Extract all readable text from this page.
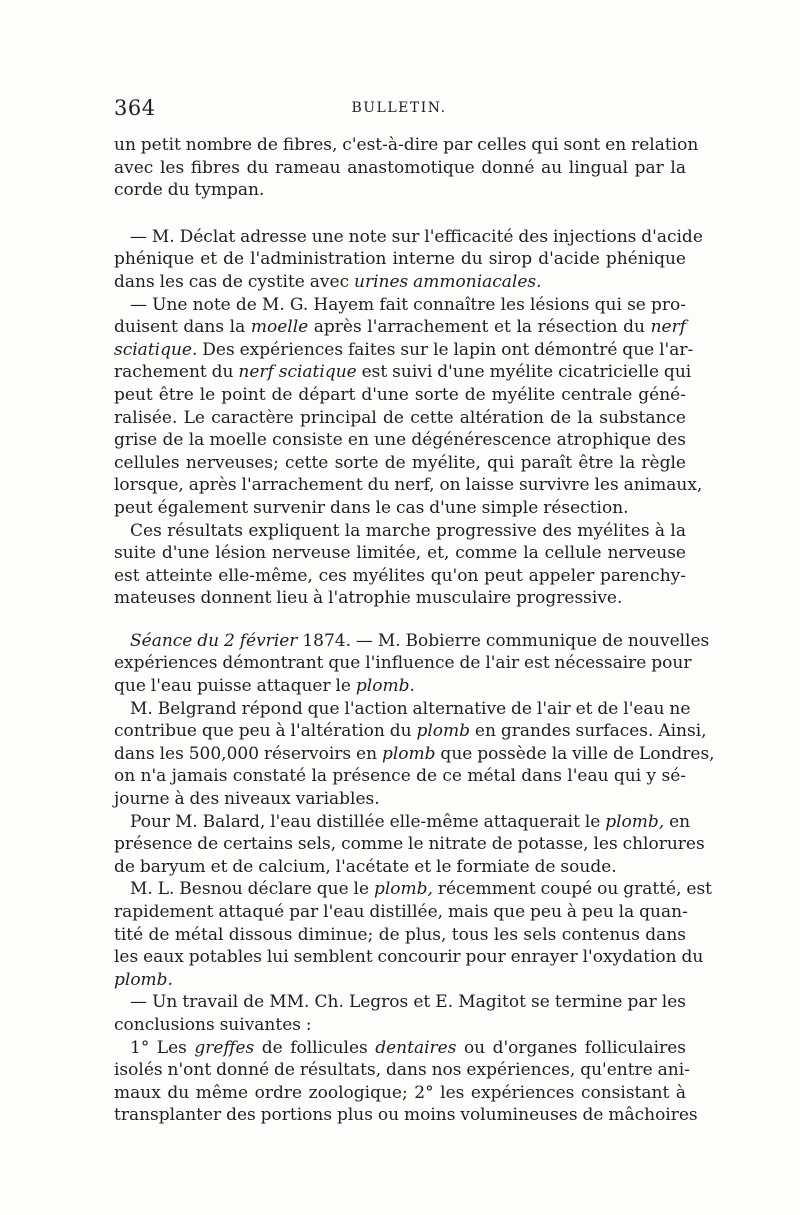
364	BULLETIN.
un petit nombre de fibres, c'est-à-dire par celles qui sont en relation
avec les fibres du rameau anastomotique donné au lingual par la
corde du tympan.
— M. Déclat adresse une note sur l'efficacité des injections d'acide
phénique et de l'administration interne du sirop d'acide phénique
dans les cas de cystite avec urines ammoniacales.
— Une note de M. G. Hayem fait connaître les lésions qui se pro-
duisent dans la moelle après l'arrachement et la résection du nerf
sciatique. Des expériences faites sur le lapin ont démontré que l'ar-
rachement du nerf sciatique est suivi d'une myélite cicatricielle qui
peut être le point de départ d'une sorte de myélite centrale géné-
ralisée. Le caractère principal de cette altération de la substance
grise de la moelle consiste en une dégénérescence atrophique des
cellules nerveuses; cette sorte de myélite, qui paraît être la règle
lorsque, après l'arrachement du nerf, on laisse survivre les animaux,
peut également survenir dans le cas d'une simple résection.
Ces résultats expliquent la marche progressive des myélites à la
suite d'une lésion nerveuse limitée, et, comme la cellule nerveuse
est atteinte elle-même, ces myélites qu'on peut appeler parenchy-
mateuses donnent lieu à l'atrophie musculaire progressive.
Séance du 2 février 1874. — M. Bobierre communique de nouvelles
expériences démontrant que l'influence de l'air est nécessaire pour
que l'eau puisse attaquer le plomb.
M. Belgrand répond que l'action alternative de l'air et de l'eau ne
contribue que peu à l'altération du plomb en grandes surfaces. Ainsi,
dans les 500,000 réservoirs en plomb que possède la ville de Londres,
on n'a jamais constaté la présence de ce métal dans l'eau qui y sé-
journe à des niveaux variables.
Pour M. Balard, l'eau distillée elle-même attaquerait le plomb, en
présence de certains sels, comme le nitrate de potasse, les chlorures
de baryum et de calcium, l'acétate et le formiate de soude.
M. L. Besnou déclare que le plomb, récemment coupé ou gratté, est
rapidement attaqué par l'eau distillée, mais que peu à peu la quan-
tité de métal dissous diminue; de plus, tous les sels contenus dans
les eaux potables lui semblent concourir pour enrayer l'oxydation du
plomb.
— Un travail de MM. Ch. Legros et E. Magitot se termine par les
conclusions suivantes :
1° Les greffes de follicules dentaires ou d'organes folliculaires
isolés n'ont donné de résultats, dans nos expériences, qu'entre ani-
maux du même ordre zoologique; 2° les expériences consistant à
transplanter des portions plus ou moins volumineuses de mâchoires
